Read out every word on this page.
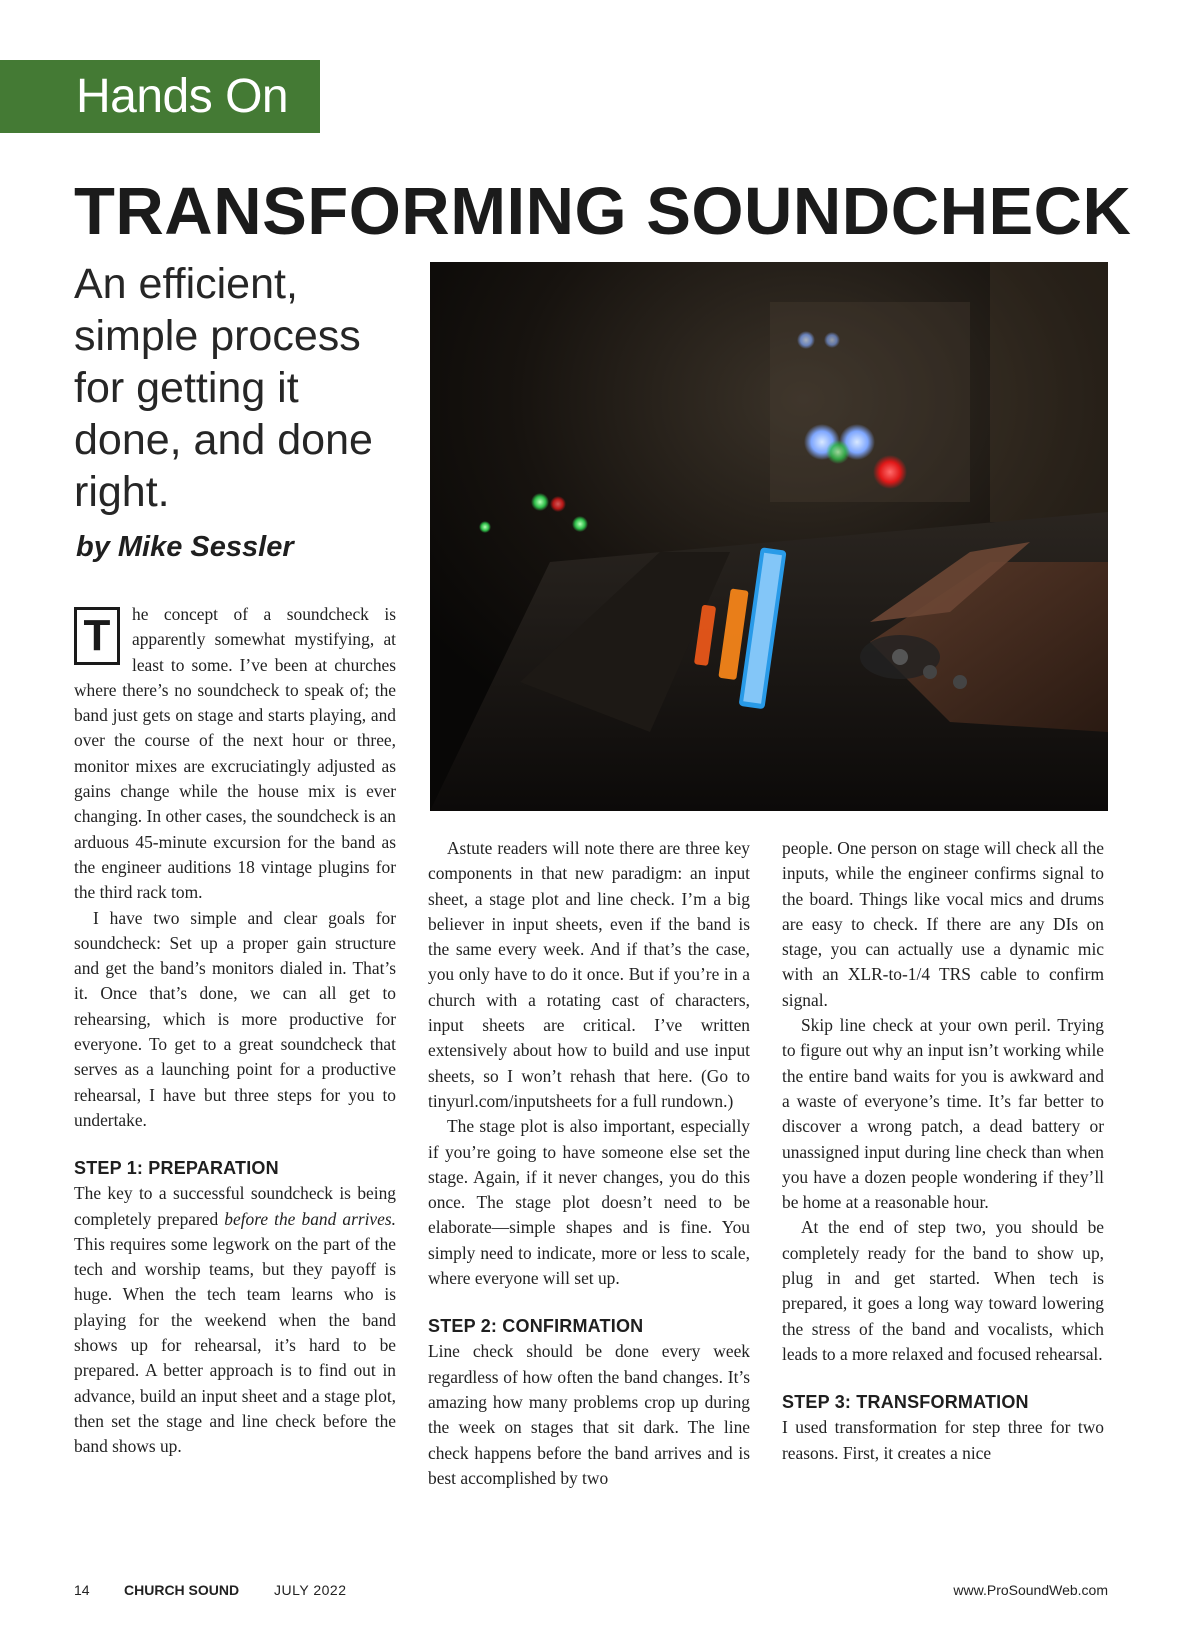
Hands On
TRANSFORMING SOUNDCHECK

An efficient, simple process for getting it done, and done right.

by Mike Sessler

T	he concept of a soundcheck is apparently somewhat mystifying, at least to some. I’ve been at churches where there’s no soundcheck to speak of; the band just gets on stage and starts playing, and over the course of the next hour or three, monitor mixes are excruciatingly adjusted as gains change while the house mix is ever changing. In other cases, the soundcheck is an arduous 45-minute excursion for the band as the engineer auditions 18 vintage plugins for the third rack tom.

I have two simple and clear goals for soundcheck: Set up a proper gain structure and get the band’s monitors dialed in. That’s it. Once that’s done, we can all get to rehearsing, which is more productive for everyone. To get to a great soundcheck that serves as a launching point for a productive rehearsal, I have but three steps for you to undertake.

STEP 1: PREPARATION

The key to a successful soundcheck is being completely prepared before the band arrives. This requires some legwork on the part of the tech and worship teams, but they payoff is huge. When the tech team learns who is playing for the weekend when the band shows up for rehearsal, it’s hard to be prepared. A better approach is to find out in advance, build an input sheet and a stage plot, then set the stage and line check before the band shows up.

Astute readers will note there are three key components in that new paradigm: an input sheet, a stage plot and line check. I’m a big believer in input sheets, even if the band is the same every week. And if that’s the case, you only have to do it once. But if you’re in a church with a rotating cast of characters, input sheets are critical. I’ve written extensively about how to build and use input sheets, so I won’t rehash that here. (Go to tinyurl.com/inputsheets for a full rundown.)

The stage plot is also important, especially if you’re going to have someone else set the stage. Again, if it never changes, you do this once. The stage plot doesn’t need to be elaborate—simple shapes and is fine. You simply need to indicate, more or less to scale, where everyone will set up.

STEP 2: CONFIRMATION

Line check should be done every week regardless of how often the band changes. It’s amazing how many problems crop up during the week on stages that sit dark. The line check happens before the band arrives and is best accomplished by two

people. One person on stage will check all the inputs, while the engineer confirms signal to the board. Things like vocal mics and drums are easy to check. If there are any DIs on stage, you can actually use a dynamic mic with an XLR-to-1/4 TRS cable to confirm signal.

Skip line check at your own peril. Trying to figure out why an input isn’t working while the entire band waits for you is awkward and a waste of everyone’s time. It’s far better to discover a wrong patch, a dead battery or unassigned input during line check than when you have a dozen people wondering if they’ll be home at a reasonable hour.

At the end of step two, you should be completely ready for the band to show up, plug in and get started. When tech is prepared, it goes a long way toward lowering the stress of the band and vocalists, which leads to a more relaxed and focused rehearsal.

STEP 3: TRANSFORMATION

I used transformation for step three for two reasons. First, it creates a nice

14 CHURCH SOUND JULY 2022	www.ProSoundWeb.com
